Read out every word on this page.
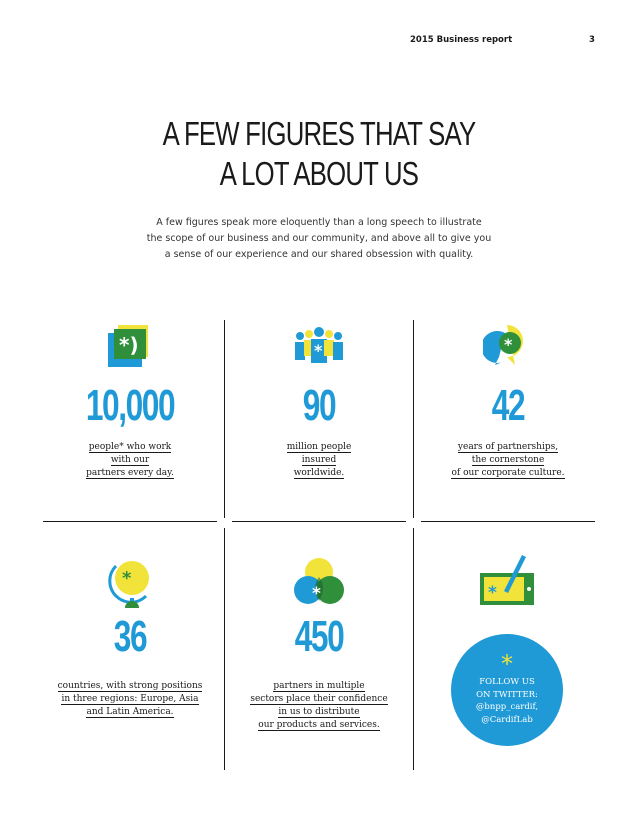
2015 Business report	3
A FEW FIGURES THAT SAY
A LOT ABOUT US
A few figures speak more eloquently than a long speech to illustrate
the scope of our business and our community, and above all to give you
a sense of our experience and our shared obsession with quality.
*)	*	*
10,000	90	42
people* who work
with our
partners every day.
million people
insured
worldwide.
years of partnerships,
the cornerstone
of our corporate culture.
*
*	*
36	450
countries, with strong positions
in three regions: Europe, Asia
and Latin America.
partners in multiple
sectors place their confidence
in us to distribute
our products and services.
*
FOLLOW US
ON TWITTER:
@bnpp_cardif,
@CardifLab
